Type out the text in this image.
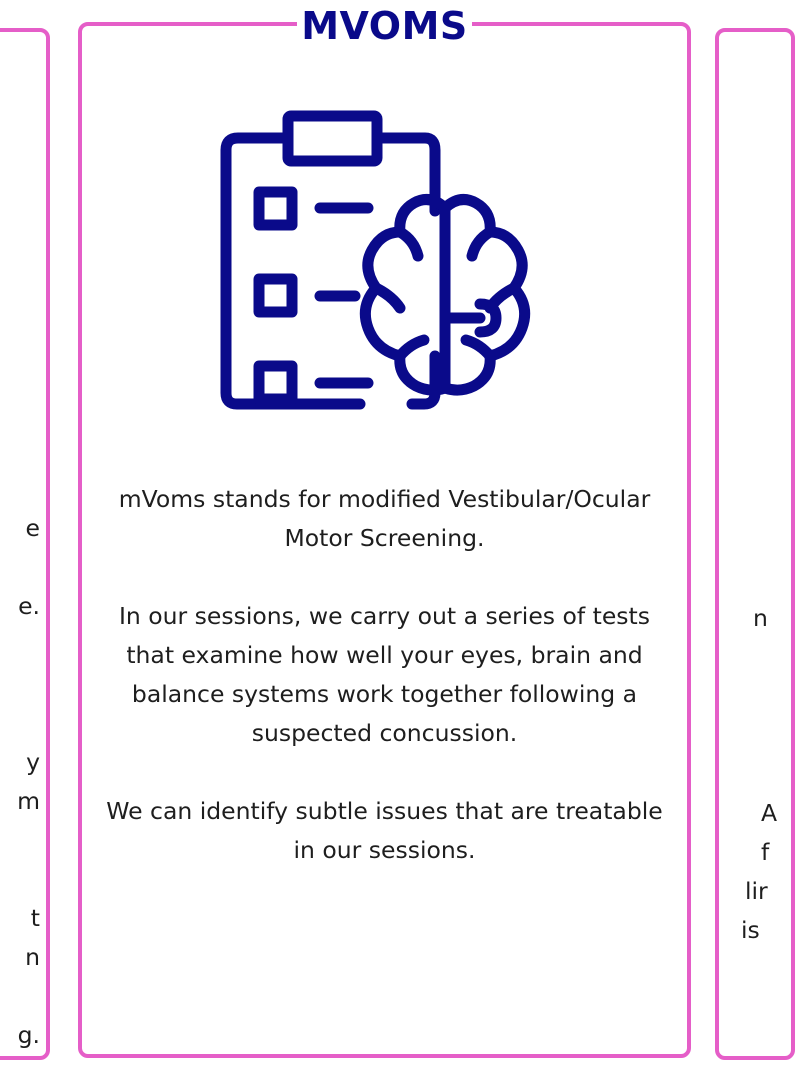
e
e.
y
m
t
n
g.
MVOMS

mVoms stands for modified Vestibular/Ocular Motor Screening.

In our sessions, we carry out a series of tests that examine how well your eyes, brain and balance systems work together following a suspected concussion.

We can identify subtle issues that are treatable in our sessions.

n
A
f
lir
is
